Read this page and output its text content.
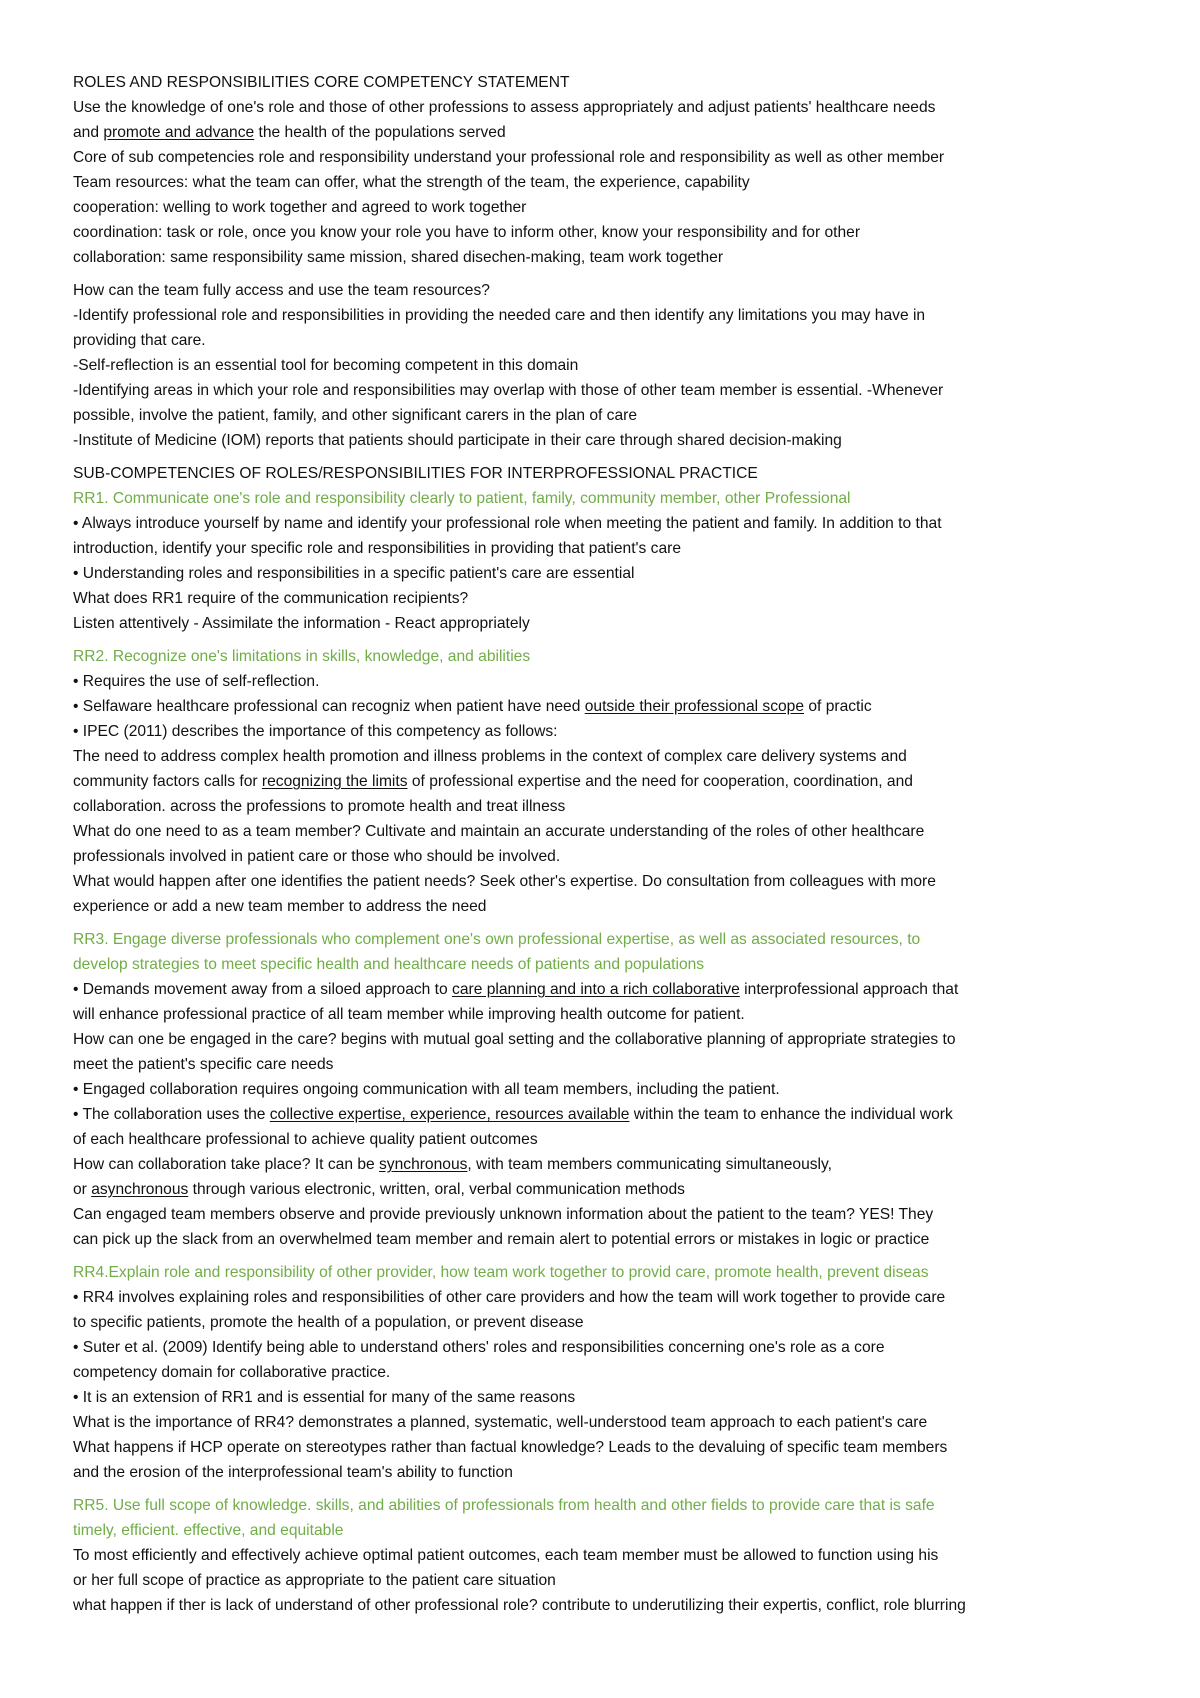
ROLES AND RESPONSIBILITIES CORE COMPETENCY STATEMENT
Use the knowledge of one's role and those of other professions to assess appropriately and adjust patients' healthcare needs
and promote and advance the health of the populations served
Core of sub competencies role and responsibility understand your professional role and responsibility as well as other member
Team resources: what the team can offer, what the strength of the team, the experience, capability
cooperation: welling to work together and agreed to work together
coordination: task or role, once you know your role you have to inform other, know your responsibility and for other
collaboration: same responsibility same mission, shared disechen-making, team work together
How can the team fully access and use the team resources?
-Identify professional role and responsibilities in providing the needed care and then identify any limitations you may have in
providing that care.
-Self-reflection is an essential tool for becoming competent in this domain
-Identifying areas in which your role and responsibilities may overlap with those of other team member is essential. -Whenever
possible, involve the patient, family, and other significant carers in the plan of care
-Institute of Medicine (IOM) reports that patients should participate in their care through shared decision-making
SUB-COMPETENCIES OF ROLES/RESPONSIBILITIES FOR INTERPROFESSIONAL PRACTICE
RR1. Communicate one's role and responsibility clearly to patient, family, community member, other Professional
• Always introduce yourself by name and identify your professional role when meeting the patient and family. In addition to that
introduction, identify your specific role and responsibilities in providing that patient's care
• Understanding roles and responsibilities in a specific patient's care are essential
What does RR1 require of the communication recipients?
Listen attentively - Assimilate the information - React appropriately
RR2. Recognize one's limitations in skills, knowledge, and abilities
• Requires the use of self-reflection.
• Selfaware healthcare professional can recogniz when patient have need outside their professional scope of practic
• IPEC (2011) describes the importance of this competency as follows:
The need to address complex health promotion and illness problems in the context of complex care delivery systems and
community factors calls for recognizing the limits of professional expertise and the need for cooperation, coordination, and
collaboration. across the professions to promote health and treat illness
What do one need to as a team member? Cultivate and maintain an accurate understanding of the roles of other healthcare
professionals involved in patient care or those who should be involved.
What would happen after one identifies the patient needs? Seek other's expertise. Do consultation from colleagues with more
experience or add a new team member to address the need
RR3. Engage diverse professionals who complement one's own professional expertise, as well as associated resources, to
develop strategies to meet specific health and healthcare needs of patients and populations
• Demands movement away from a siloed approach to care planning and into a rich collaborative interprofessional approach that
will enhance professional practice of all team member while improving health outcome for patient.
How can one be engaged in the care? begins with mutual goal setting and the collaborative planning of appropriate strategies to
meet the patient's specific care needs
• Engaged collaboration requires ongoing communication with all team members, including the patient.
• The collaboration uses the collective expertise, experience, resources available within the team to enhance the individual work
of each healthcare professional to achieve quality patient outcomes
How can collaboration take place? It can be synchronous, with team members communicating simultaneously,
or asynchronous through various electronic, written, oral, verbal communication methods
Can engaged team members observe and provide previously unknown information about the patient to the team? YES! They
can pick up the slack from an overwhelmed team member and remain alert to potential errors or mistakes in logic or practice
RR4.Explain role and responsibility of other provider, how team work together to provid care, promote health, prevent diseas
• RR4 involves explaining roles and responsibilities of other care providers and how the team will work together to provide care
to specific patients, promote the health of a population, or prevent disease
• Suter et al. (2009) Identify being able to understand others' roles and responsibilities concerning one's role as a core
competency domain for collaborative practice.
• It is an extension of RR1 and is essential for many of the same reasons
What is the importance of RR4? demonstrates a planned, systematic, well-understood team approach to each patient's care
What happens if HCP operate on stereotypes rather than factual knowledge? Leads to the devaluing of specific team members
and the erosion of the interprofessional team's ability to function
RR5. Use full scope of knowledge. skills, and abilities of professionals from health and other fields to provide care that is safe
timely, efficient. effective, and equitable
To most efficiently and effectively achieve optimal patient outcomes, each team member must be allowed to function using his
or her full scope of practice as appropriate to the patient care situation
what happen if ther is lack of understand of other professional role? contribute to underutilizing their expertis, conflict, role blurring
